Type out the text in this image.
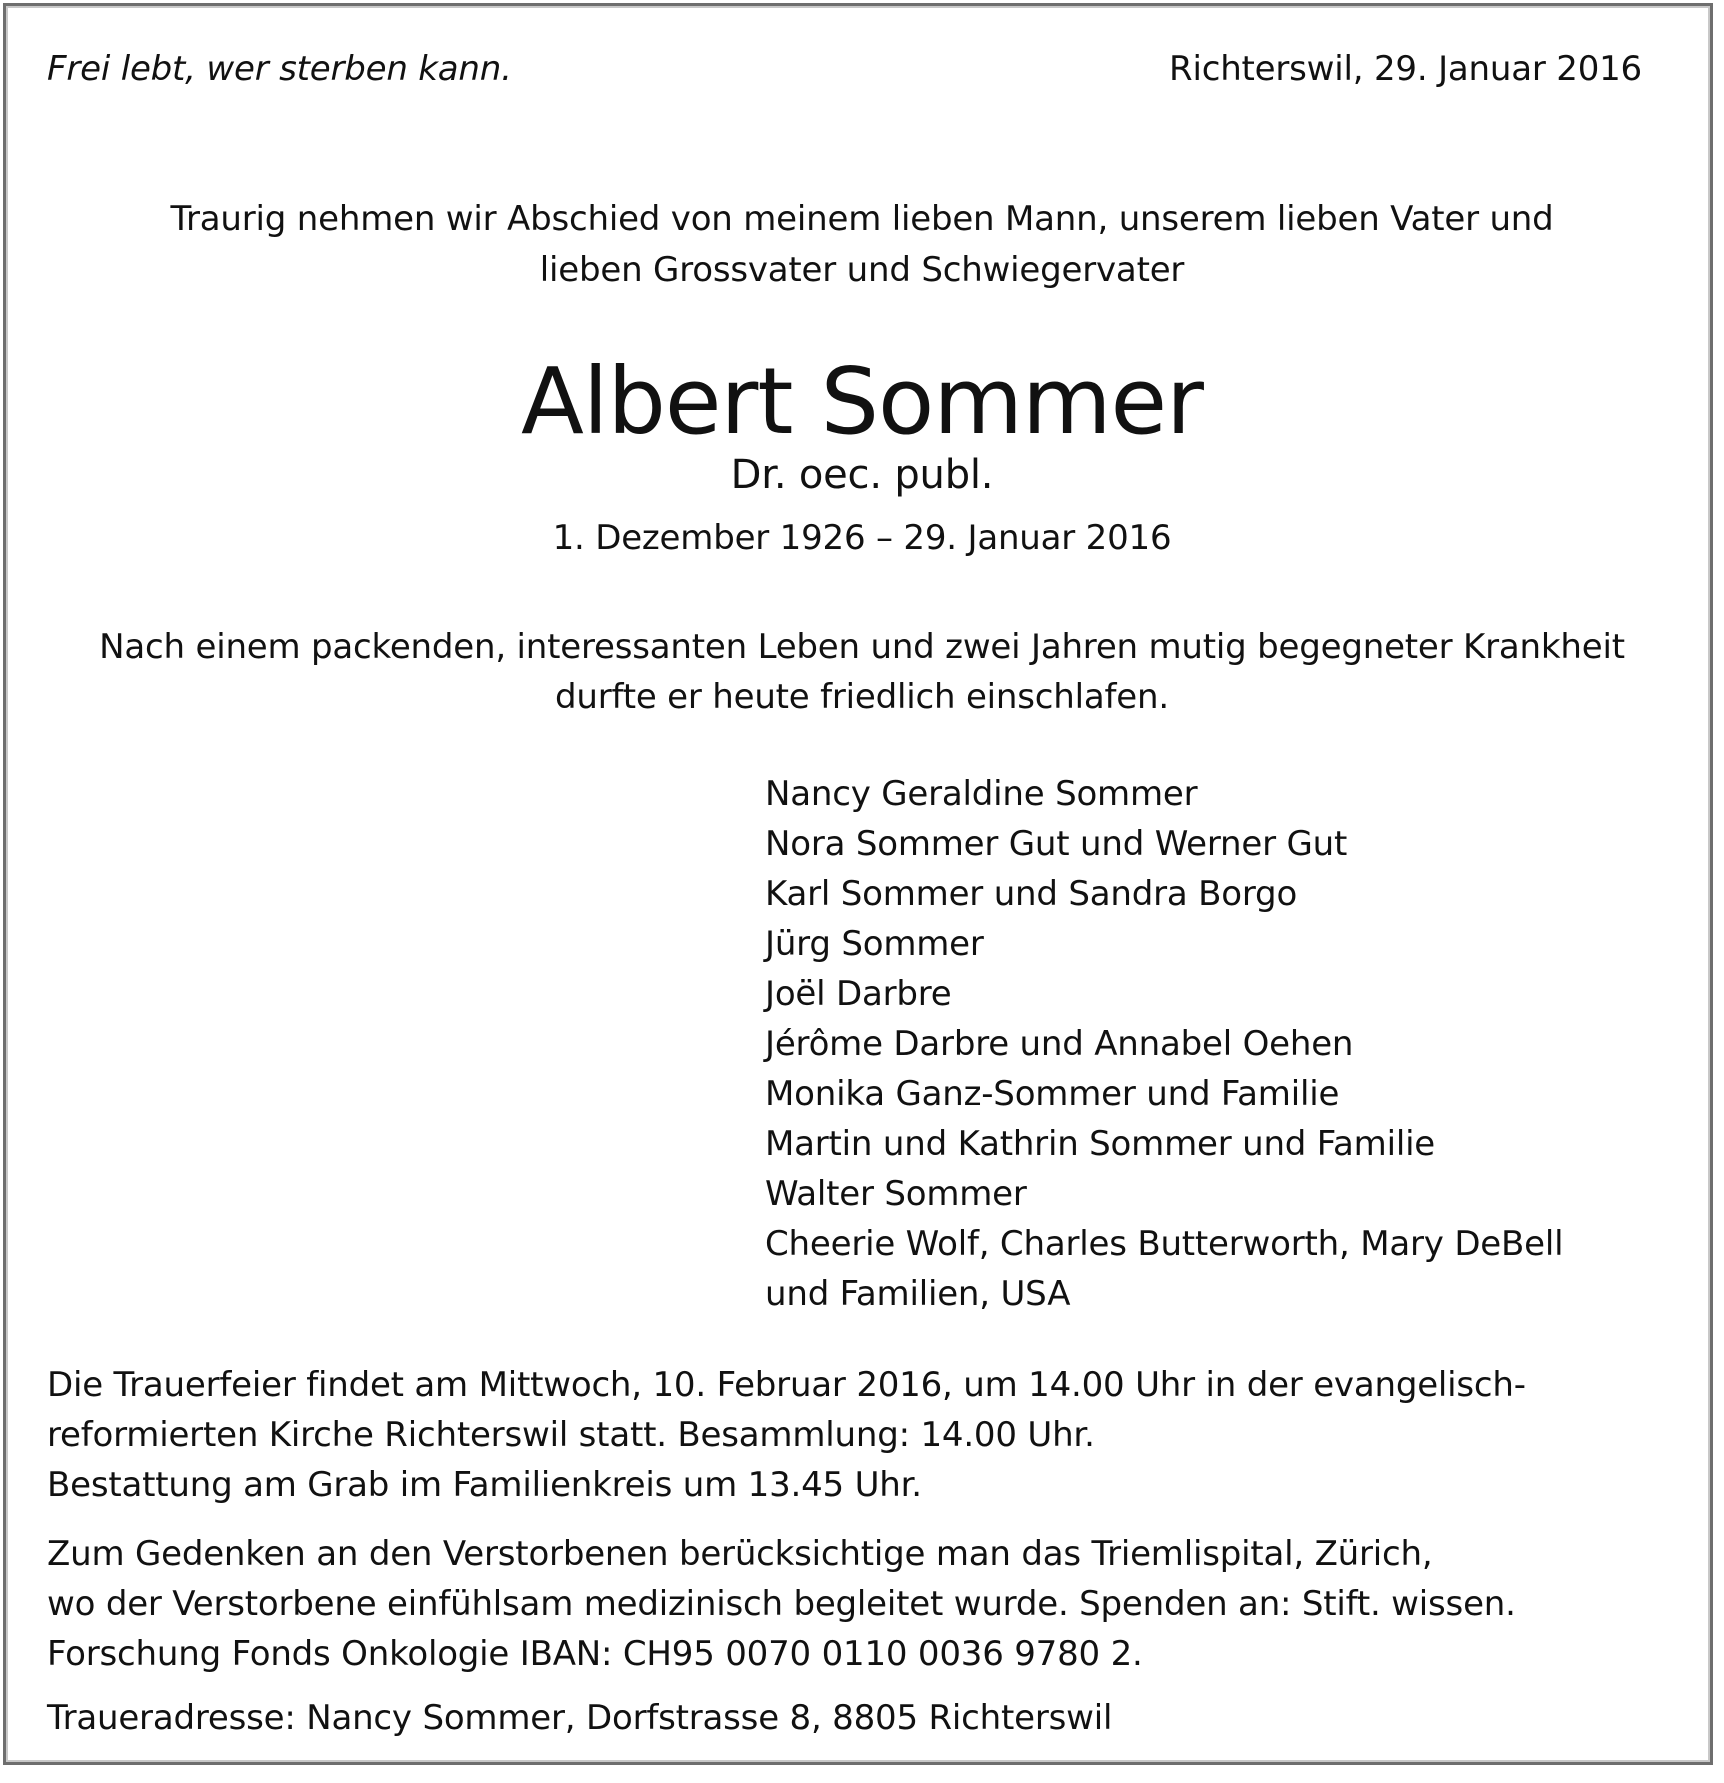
Frei lebt, wer sterben kann.	Richterswil, 29. Januar 2016
Traurig nehmen wir Abschied von meinem lieben Mann, unserem lieben Vater und
lieben Grossvater und Schwiegervater
Albert Sommer
Dr. oec. publ.
1. Dezember 1926 – 29. Januar 2016
Nach einem packenden, interessanten Leben und zwei Jahren mutig begegneter Krankheit
durfte er heute friedlich einschlafen.
Nancy Geraldine Sommer
Nora Sommer Gut und Werner Gut
Karl Sommer und Sandra Borgo
Jürg Sommer
Joël Darbre
Jérôme Darbre und Annabel Oehen
Monika Ganz-Sommer und Familie
Martin und Kathrin Sommer und Familie
Walter Sommer
Cheerie Wolf, Charles Butterworth, Mary DeBell
und Familien, USA

Die Trauerfeier findet am Mittwoch, 10. Februar 2016, um 14.00 Uhr in der evangelisch-
reformierten Kirche Richterswil statt. Besammlung: 14.00 Uhr.
Bestattung am Grab im Familienkreis um 13.45 Uhr.

Zum Gedenken an den Verstorbenen berücksichtige man das Triemlispital, Zürich,
wo der Verstorbene einfühlsam medizinisch begleitet wurde. Spenden an: Stift. wissen.
Forschung Fonds Onkologie IBAN: CH95 0070 0110 0036 9780 2.

Traueradresse: Nancy Sommer, Dorfstrasse 8, 8805 Richterswil
